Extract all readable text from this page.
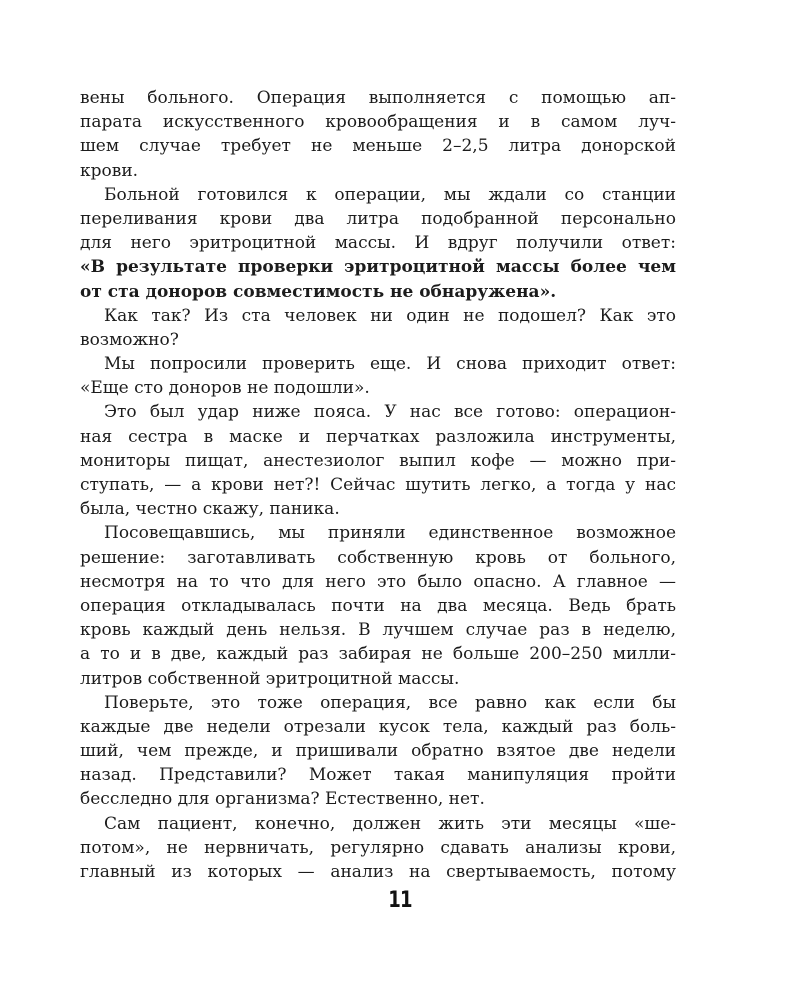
вены больного. Операция выполняется с помощью ап-
парата искусственного кровообращения и в самом луч-
шем случае требует не меньше 2–2,5 литра донорской
крови.
Больной готовился к операции, мы ждали со станции
переливания крови два литра подобранной персонально
для него эритроцитной массы. И вдруг получили ответ:
«В результате проверки эритроцитной массы более чем
от ста доноров совместимость не обнаружена».
Как так? Из ста человек ни один не подошел? Как это
возможно?
Мы попросили проверить еще. И снова приходит ответ:
«Еще сто доноров не подошли».
Это был удар ниже пояса. У нас все готово: операцион-
ная сестра в маске и перчатках разложила инструменты,
мониторы пищат, анестезиолог выпил кофе — можно при-
ступать, — а крови нет?! Сейчас шутить легко, а тогда у нас
была, честно скажу, паника.
Посовещавшись, мы приняли единственное возможное
решение: заготавливать собственную кровь от больного,
несмотря на то что для него это было опасно. А главное —
операция откладывалась почти на два месяца. Ведь брать
кровь каждый день нельзя. В лучшем случае раз в неделю,
а то и в две, каждый раз забирая не больше 200–250 милли-
литров собственной эритроцитной массы.
Поверьте, это тоже операция, все равно как если бы
каждые две недели отрезали кусок тела, каждый раз боль-
ший, чем прежде, и пришивали обратно взятое две недели
назад. Представили? Может такая манипуляция пройти
бесследно для организма? Естественно, нет.
Сам пациент, конечно, должен жить эти месяцы «ше-
потом», не нервничать, регулярно сдавать анализы крови,
главный из которых — анализ на свертываемость, потому
11
